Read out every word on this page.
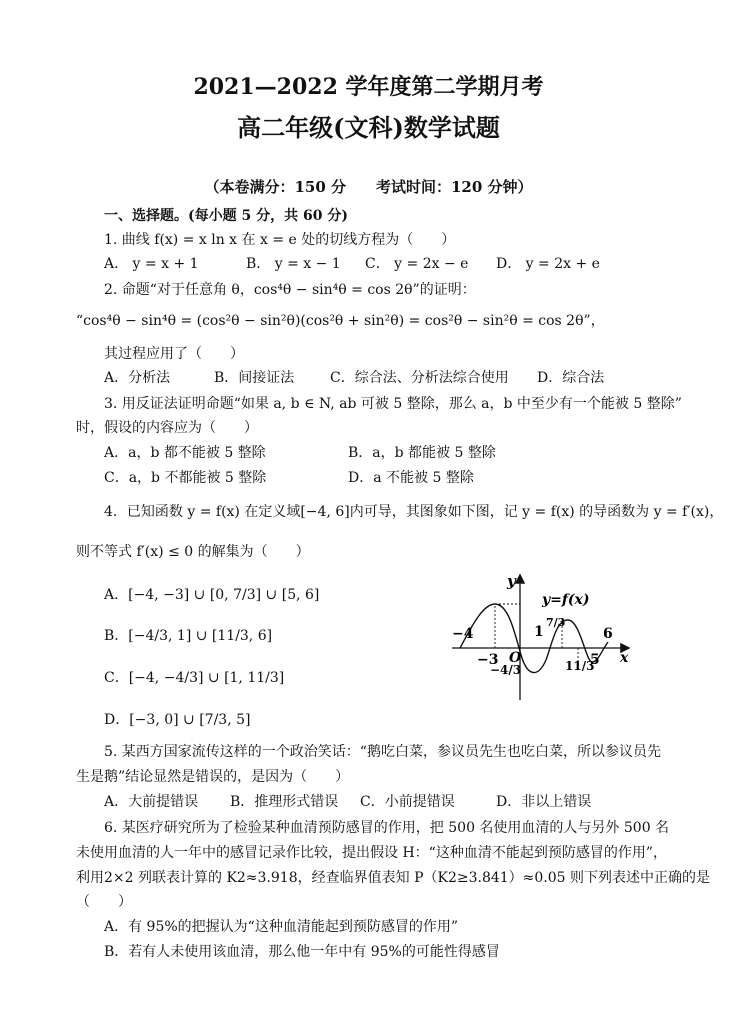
2021—2022 学年度第二学期月考
高二年级(文科)数学试题
（本卷满分：150 分　　考试时间：120 分钟）
一、选择题。(每小题 5 分，共 60 分)
1. 曲线 f(x) = x ln x 在 x = e 处的切线方程为（　　）
A． y = x + 1	B． y = x − 1 C． y = 2x − e D． y = 2x + e
2. 命题“对于任意角 θ，cos⁴θ − sin⁴θ = cos 2θ”的证明：
“cos⁴θ − sin⁴θ = (cos²θ − sin²θ)(cos²θ + sin²θ) = cos²θ − sin²θ = cos 2θ”，
其过程应用了（　　）
A．分析法	B．间接证法	C．综合法、分析法综合使用 D．综合法
3. 用反证法证明命题“如果 a, b ∈ N, ab 可被 5 整除，那么 a，b 中至少有一个能被 5 整除”
时，假设的内容应为（　　）
A．a，b 都不能被 5 整除	B．a，b 都能被 5 整除
C．a，b 不都能被 5 整除	D．a 不能被 5 整除
4．已知函数 y = f(x) 在定义域[−4, 6]内可导，其图象如下图，记 y = f(x) 的导函数为 y = f′(x)，
则不等式 f′(x) ≤ 0 的解集为（　　）
A．[−4, −3] ∪ [0, 7/3] ∪ [5, 6]
B．[−4/3, 1] ∪ [11/3, 6]
C．[−4, −4/3] ∪ [1, 11/3]
D．[−3, 0] ∪ [7/3, 5]
y
x
y=f(x)
O
−4
−3
−4/3
1
7/3
11/3
5
6
5. 某西方国家流传这样的一个政治笑话：“鹅吃白菜，参议员先生也吃白菜，所以参议员先
生是鹅”结论显然是错误的，是因为（　　）
A．大前提错误 B．推理形式错误 C．小前提错误	D．非以上错误
6. 某医疗研究所为了检验某种血清预防感冒的作用，把 500 名使用血清的人与另外 500 名
未使用血清的人一年中的感冒记录作比较，提出假设 H：“这种血清不能起到预防感冒的作用”，
利用2×2 列联表计算的 K2≈3.918，经查临界值表知 P（K2≥3.841）≈0.05 则下列表述中正确的是
（　　）
A．有 95%的把握认为“这种血清能起到预防感冒的作用”
B．若有人未使用该血清，那么他一年中有 95%的可能性得感冒
